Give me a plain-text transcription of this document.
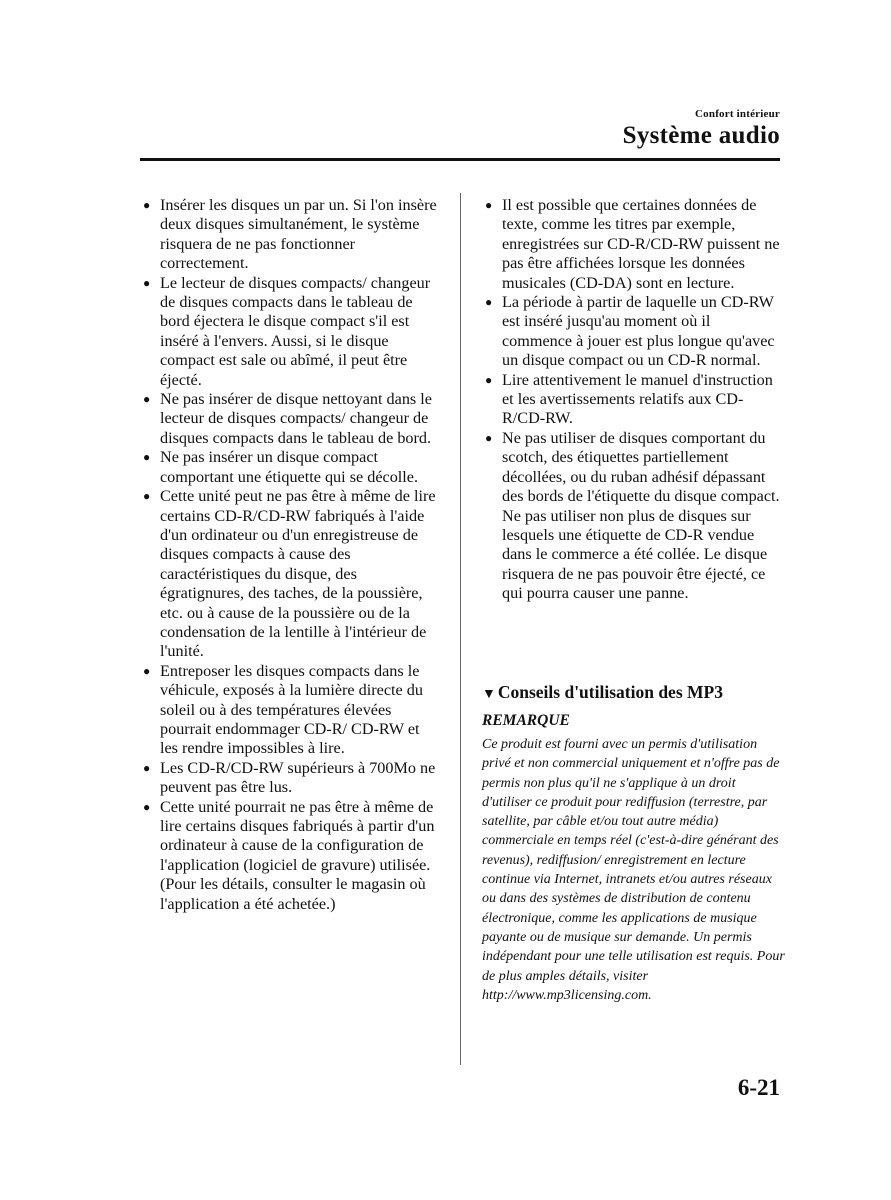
Confort intérieur
Système audio
● Insérer les disques un par un. Si l'on insère deux disques simultanément, le système risquera de ne pas fonctionner correctement.
● Le lecteur de disques compacts/ changeur de disques compacts dans le tableau de bord éjectera le disque compact s'il est inséré à l'envers. Aussi, si le disque compact est sale ou abîmé, il peut être éjecté.
● Ne pas insérer de disque nettoyant dans le lecteur de disques compacts/ changeur de disques compacts dans le tableau de bord.
● Ne pas insérer un disque compact comportant une étiquette qui se décolle.
● Cette unité peut ne pas être à même de lire certains CD-R/CD-RW fabriqués à l'aide d'un ordinateur ou d'un enregistreuse de disques compacts à cause des caractéristiques du disque, des égratignures, des taches, de la poussière, etc. ou à cause de la poussière ou de la condensation de la lentille à l'intérieur de l'unité.
● Entreposer les disques compacts dans le véhicule, exposés à la lumière directe du soleil ou à des températures élevées pourrait endommager CD-R/ CD-RW et les rendre impossibles à lire.
● Les CD-R/CD-RW supérieurs à 700Mo ne peuvent pas être lus.
● Cette unité pourrait ne pas être à même de lire certains disques fabriqués à partir d'un ordinateur à cause de la configuration de l'application (logiciel de gravure) utilisée. (Pour les détails, consulter le magasin où l'application a été achetée.)
● Il est possible que certaines données de texte, comme les titres par exemple, enregistrées sur CD-R/CD-RW puissent ne pas être affichées lorsque les données musicales (CD-DA) sont en lecture.
● La période à partir de laquelle un CD-RW est inséré jusqu'au moment où il commence à jouer est plus longue qu'avec un disque compact ou un CD-R normal.
● Lire attentivement le manuel d'instruction et les avertissements relatifs aux CD-R/CD-RW.
● Ne pas utiliser de disques comportant du scotch, des étiquettes partiellement décollées, ou du ruban adhésif dépassant des bords de l'étiquette du disque compact. Ne pas utiliser non plus de disques sur lesquels une étiquette de CD-R vendue dans le commerce a été collée. Le disque risquera de ne pas pouvoir être éjecté, ce qui pourra causer une panne.
▼ Conseils d'utilisation des MP3
REMARQUE
Ce produit est fourni avec un permis d'utilisation privé et non commercial uniquement et n'offre pas de permis non plus qu'il ne s'applique à un droit d'utiliser ce produit pour rediffusion (terrestre, par satellite, par câble et/ou tout autre média) commerciale en temps réel (c'est-à-dire générant des revenus), rediffusion/ enregistrement en lecture continue via Internet, intranets et/ou autres réseaux ou dans des systèmes de distribution de contenu électronique, comme les applications de musique payante ou de musique sur demande. Un permis indépendant pour une telle utilisation est requis. Pour de plus amples détails, visiter http://www.mp3licensing.com.
6-21
